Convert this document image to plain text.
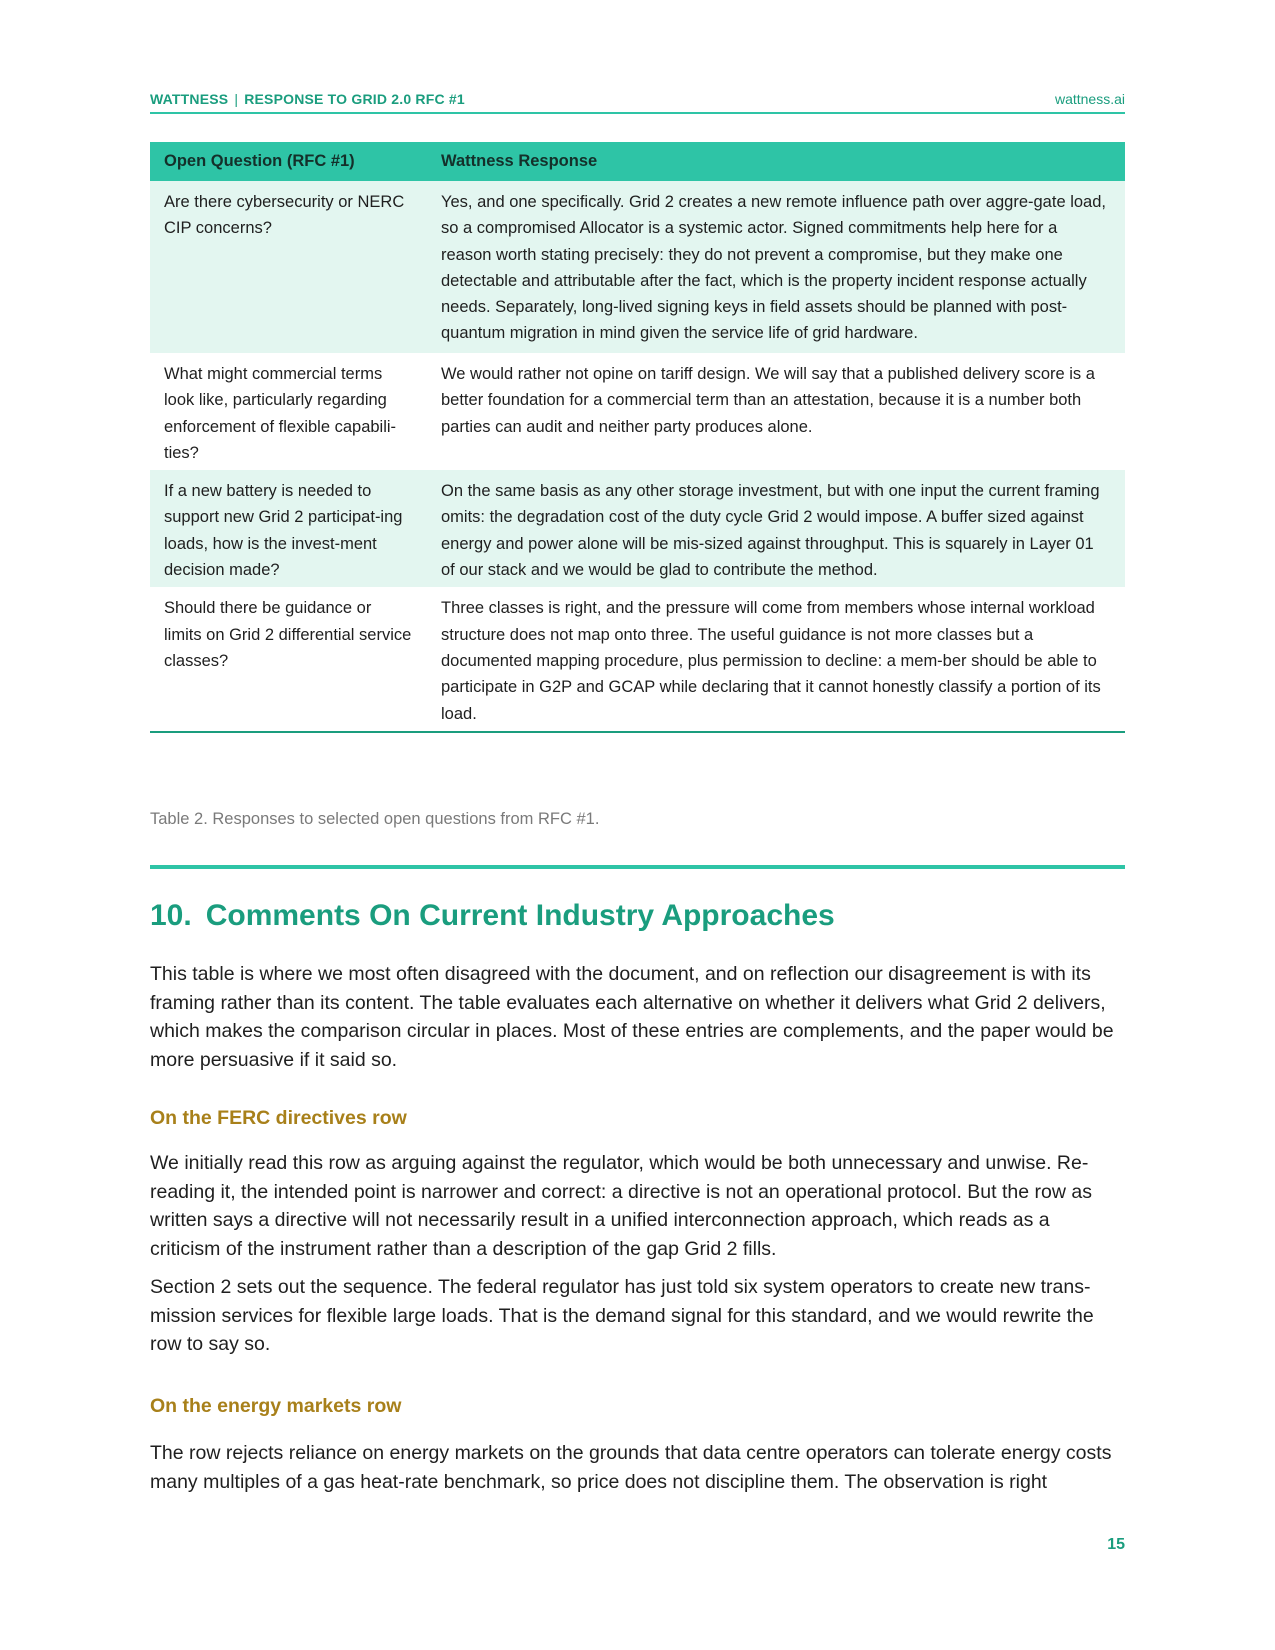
WATTNESS | RESPONSE TO GRID 2.0 RFC #1	wattness.ai
Open Question (RFC #1)	Wattness Response
Are there cybersecurity or NERC CIP concerns?	Yes, and one specifically. Grid 2 creates a new remote influence path over aggre-gate load, so a compromised Allocator is a systemic actor. Signed commitments help here for a reason worth stating precisely: they do not prevent a compromise, but they make one detectable and attributable after the fact, which is the property incident response actually needs. Separately, long-lived signing keys in field assets should be planned with post-quantum migration in mind given the service life of grid hardware.
What might commercial terms look like, particularly regarding enforcement of flexible capabili-ties?	We would rather not opine on tariff design. We will say that a published delivery score is a better foundation for a commercial term than an attestation, because it is a number both parties can audit and neither party produces alone.
If a new battery is needed to support new Grid 2 participat-ing loads, how is the invest-ment decision made?	On the same basis as any other storage investment, but with one input the current framing omits: the degradation cost of the duty cycle Grid 2 would impose. A buffer sized against energy and power alone will be mis-sized against throughput. This is squarely in Layer 01 of our stack and we would be glad to contribute the method.
Should there be guidance or limits on Grid 2 differential service classes?	Three classes is right, and the pressure will come from members whose internal workload structure does not map onto three. The useful guidance is not more classes but a documented mapping procedure, plus permission to decline: a mem-ber should be able to participate in G2P and GCAP while declaring that it cannot honestly classify a portion of its load.
Table 2. Responses to selected open questions from RFC #1.
10. Comments On Current Industry Approaches

This table is where we most often disagreed with the document, and on reflection our disagreement is with its framing rather than its content. The table evaluates each alternative on whether it delivers what Grid 2 delivers, which makes the comparison circular in places. Most of these entries are complements, and the paper would be more persuasive if it said so.

On the FERC directives row

We initially read this row as arguing against the regulator, which would be both unnecessary and unwise. Re-reading it, the intended point is narrower and correct: a directive is not an operational protocol. But the row as written says a directive will not necessarily result in a unified interconnection approach, which reads as a criticism of the instrument rather than a description of the gap Grid 2 fills.

Section 2 sets out the sequence. The federal regulator has just told six system operators to create new trans-mission services for flexible large loads. That is the demand signal for this standard, and we would rewrite the row to say so.

On the energy markets row

The row rejects reliance on energy markets on the grounds that data centre operators can tolerate energy costs many multiples of a gas heat-rate benchmark, so price does not discipline them. The observation is right

15
